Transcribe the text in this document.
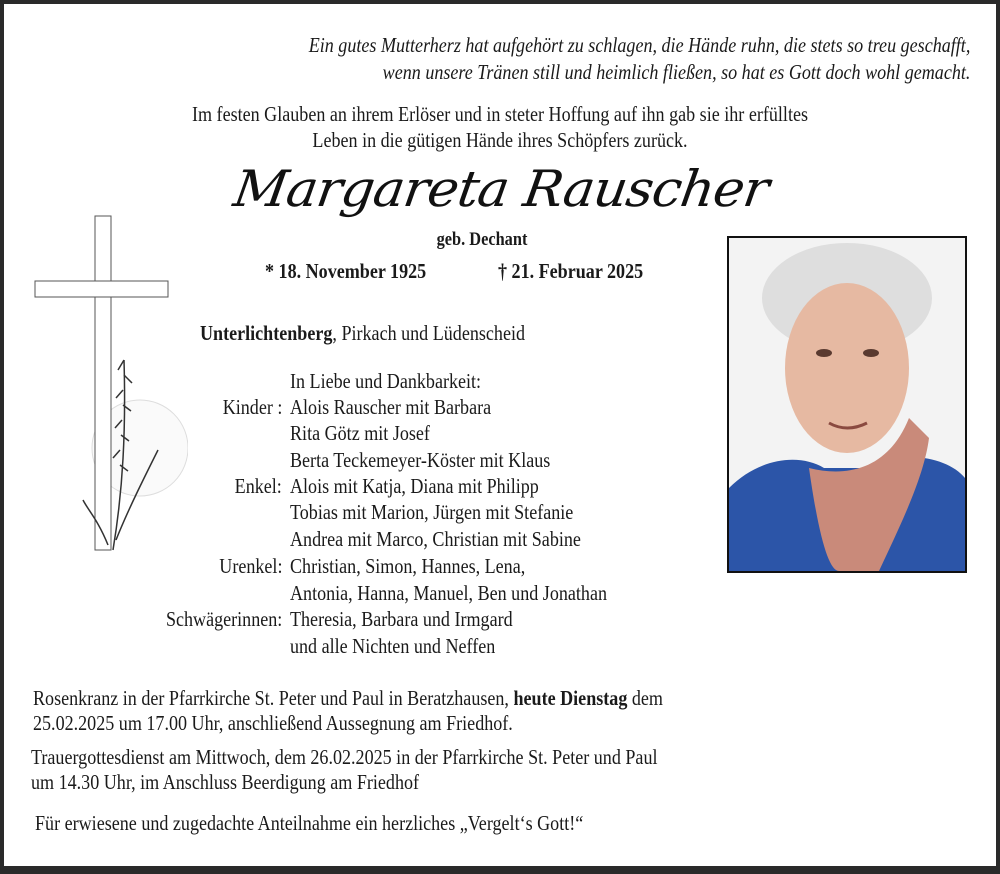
Ein gutes Mutterherz hat aufgehört zu schlagen, die Hände ruhn, die stets so treu geschafft,
wenn unsere Tränen still und heimlich fließen, so hat es Gott doch wohl gemacht.
Im festen Glauben an ihrem Erlöser und in steter Hoffung auf ihn gab sie ihr erfülltes
Leben in die gütigen Hände ihres Schöpfers zurück.
Margareta Rauscher
geb. Dechant
* 18. November 1925	† 21. Februar 2025
Unterlichtenberg, Pirkach und Lüdenscheid
In Liebe und Dankbarkeit:
Kinder :
Enkel:
Urenkel:
Schwägerinnen:
Alois Rauscher mit Barbara
Rita Götz mit Josef
Berta Teckemeyer-Köster mit Klaus
Alois mit Katja, Diana mit Philipp
Tobias mit Marion, Jürgen mit Stefanie
Andrea mit Marco, Christian mit Sabine
Christian, Simon, Hannes, Lena,
Antonia, Hanna, Manuel, Ben und Jonathan
Theresia, Barbara und Irmgard
und alle Nichten und Neffen
Rosenkranz in der Pfarrkirche St. Peter und Paul in Beratzhausen, heute Dienstag dem
25.02.2025 um 17.00 Uhr, anschließend Aussegnung am Friedhof.
Trauergottesdienst am Mittwoch, dem 26.02.2025 in der Pfarrkirche St. Peter und Paul
um 14.30 Uhr, im Anschluss Beerdigung am Friedhof
Für erwiesene und zugedachte Anteilnahme ein herzliches „Vergelt‘s Gott!“
